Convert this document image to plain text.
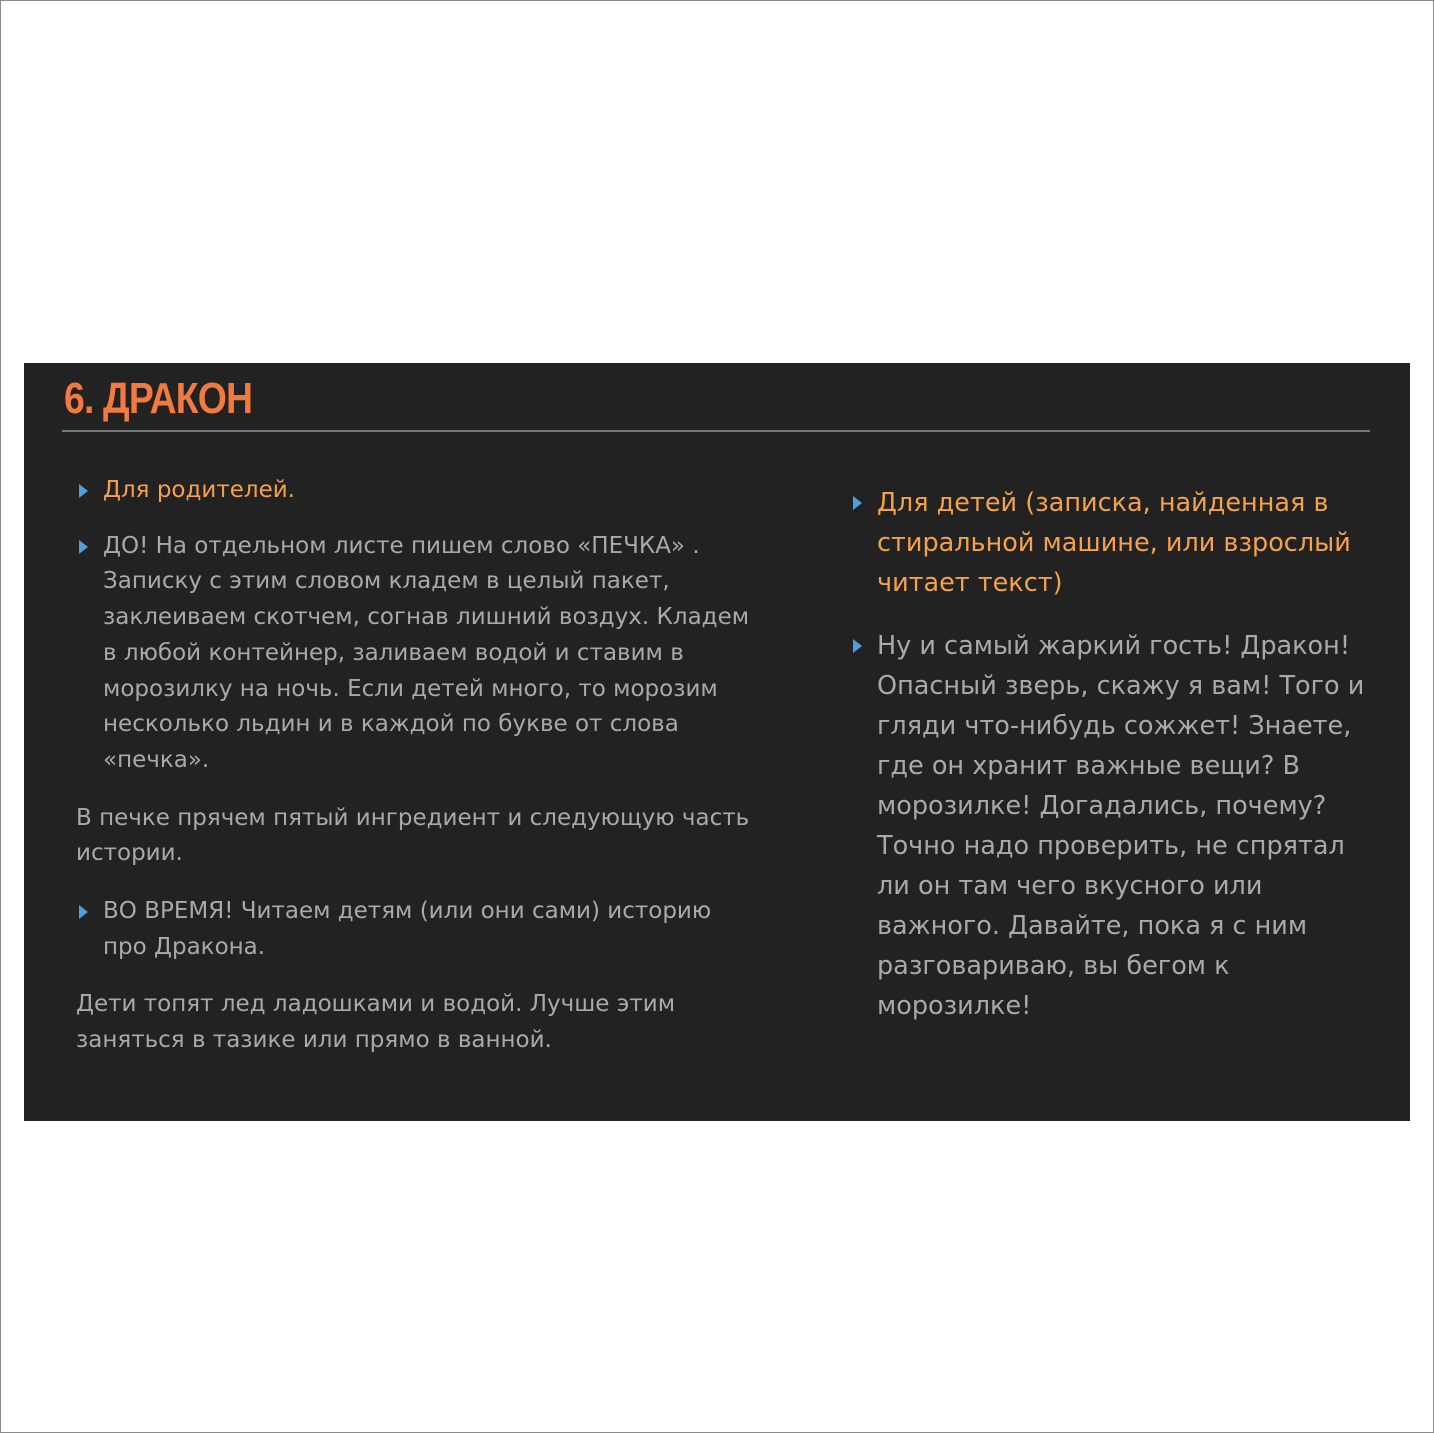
6. ДРАКОН

Для родителей.

ДО! На отдельном листе пишем слово «ПЕЧКА» . Записку с этим словом кладем в целый пакет, заклеиваем скотчем, согнав лишний воздух. Кладем в любой контейнер, заливаем водой и ставим в морозилку на ночь. Если детей много, то морозим несколько льдин и в каждой по букве от слова «печка».

В печке прячем пятый ингредиент и следующую часть истории.

ВО ВРЕМЯ! Читаем детям (или они сами) историю про Дракона.

Дети топят лед ладошками и водой. Лучше этим заняться в тазике или прямо в ванной.

Для детей (записка, найденная в стиральной машине, или взрослый читает текст)

Ну и самый жаркий гость! Дракон! Опасный зверь, скажу я вам! Того и гляди что-нибудь сожжет! Знаете, где он хранит важные вещи? В морозилке! Догадались, почему? Точно надо проверить, не спрятал ли он там чего вкусного или важного. Давайте, пока я с ним разговариваю, вы бегом к морозилке!
